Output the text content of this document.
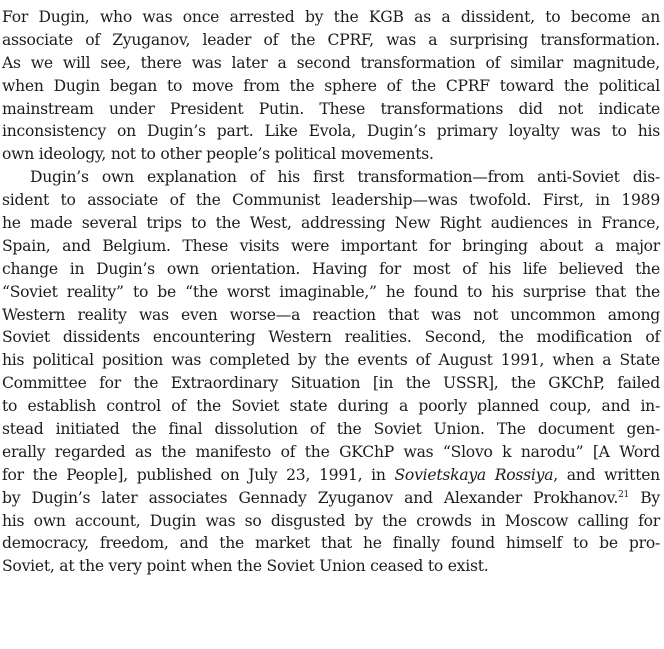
For Dugin, who was once arrested by the KGB as a dissident, to become an
associate of Zyuganov, leader of the CPRF, was a surprising transformation.
As we will see, there was later a second transformation of similar magnitude,
when Dugin began to move from the sphere of the CPRF toward the political
mainstream under President Putin. These transformations did not indicate
inconsistency on Dugin’s part. Like Evola, Dugin’s primary loyalty was to his
own ideology, not to other people’s political movements.
Dugin’s own explanation of his first transformation—from anti-Soviet dis-
sident to associate of the Communist leadership—was twofold. First, in 1989
he made several trips to the West, addressing New Right audiences in France,
Spain, and Belgium. These visits were important for bringing about a major
change in Dugin’s own orientation. Having for most of his life believed the
“Soviet reality” to be “the worst imaginable,” he found to his surprise that the
Western reality was even worse—a reaction that was not uncommon among
Soviet dissidents encountering Western realities. Second, the modification of
his political position was completed by the events of August 1991, when a State
Committee for the Extraordinary Situation [in the USSR], the GKChP, failed
to establish control of the Soviet state during a poorly planned coup, and in-
stead initiated the final dissolution of the Soviet Union. The document gen-
erally regarded as the manifesto of the GKChP was “Slovo k narodu” [A Word
for the People], published on July 23, 1991, in Sovietskaya Rossiya, and written
by Dugin’s later associates Gennady Zyuganov and Alexander Prokhanov.$^{21}$ By
his own account, Dugin was so disgusted by the crowds in Moscow calling for
democracy, freedom, and the market that he finally found himself to be pro-
Soviet, at the very point when the Soviet Union ceased to exist.
